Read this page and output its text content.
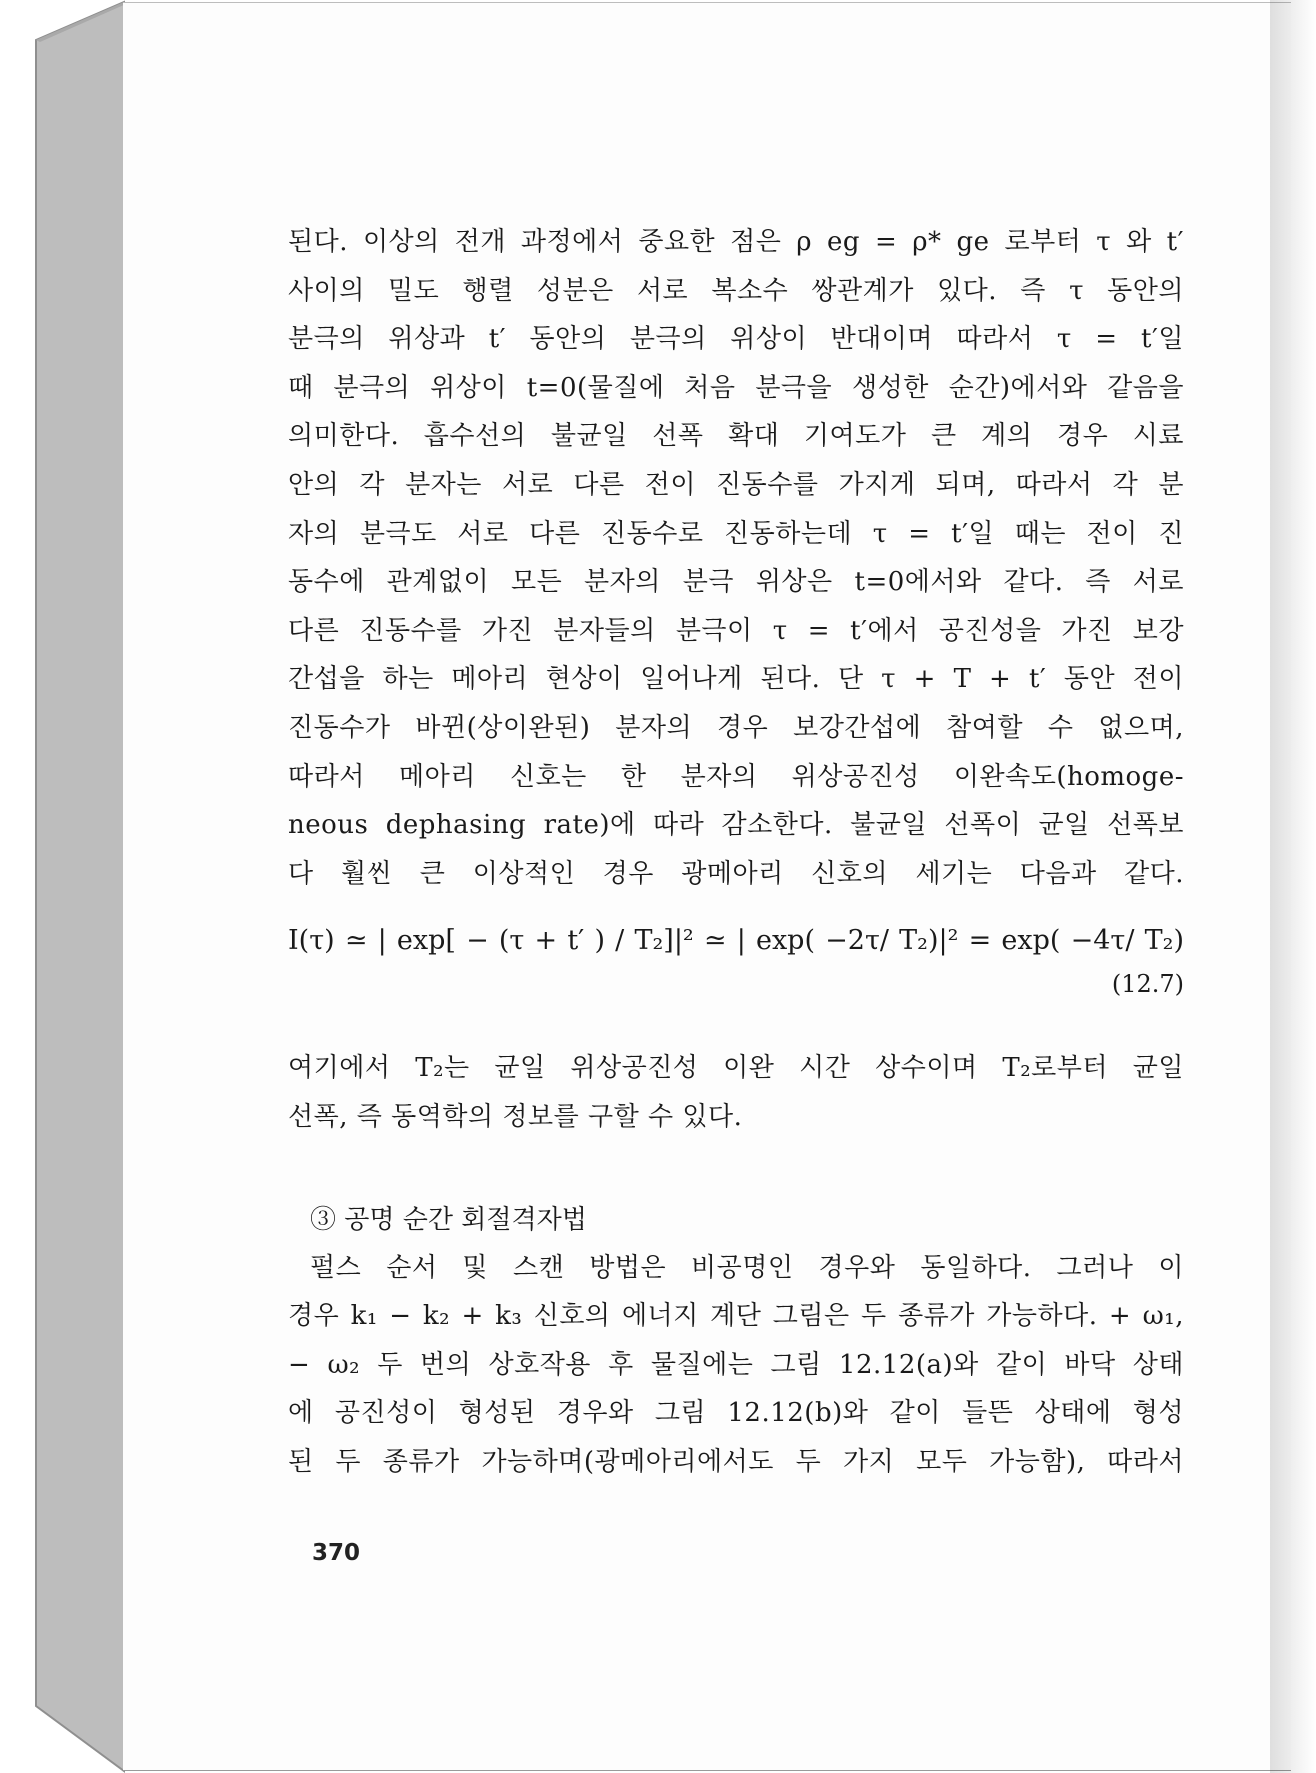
된다. 이상의 전개 과정에서 중요한 점은 ρ eg = ρ* ge 로부터 τ 와 t′
사이의 밀도 행렬 성분은 서로 복소수 쌍관계가 있다. 즉 τ 동안의
분극의 위상과 t′ 동안의 분극의 위상이 반대이며 따라서 τ = t′일
때 분극의 위상이 t=0(물질에 처음 분극을 생성한 순간)에서와 같음을
의미한다. 흡수선의 불균일 선폭 확대 기여도가 큰 계의 경우 시료
안의 각 분자는 서로 다른 전이 진동수를 가지게 되며, 따라서 각 분
자의 분극도 서로 다른 진동수로 진동하는데 τ = t′일 때는 전이 진
동수에 관계없이 모든 분자의 분극 위상은 t=0에서와 같다. 즉 서로
다른 진동수를 가진 분자들의 분극이 τ = t′에서 공진성을 가진 보강
간섭을 하는 메아리 현상이 일어나게 된다. 단 τ + T + t′ 동안 전이
진동수가 바뀐(상이완된) 분자의 경우 보강간섭에 참여할 수 없으며,
따라서 메아리 신호는 한 분자의 위상공진성 이완속도(homoge-
neous dephasing rate)에 따라 감소한다. 불균일 선폭이 균일 선폭보
다 훨씬 큰 이상적인 경우 광메아리 신호의 세기는 다음과 같다.
I(τ) ≃ | exp[ − (τ + t′ ) / T₂]|² ≃ | exp( −2τ/ T₂)|² = exp( −4τ/ T₂)
(12.7)
여기에서 T₂는 균일 위상공진성 이완 시간 상수이며 T₂로부터 균일
선폭, 즉 동역학의 정보를 구할 수 있다.
③ 공명 순간 회절격자법
펄스 순서 및 스캔 방법은 비공명인 경우와 동일하다. 그러나 이
경우 k₁ − k₂ + k₃ 신호의 에너지 계단 그림은 두 종류가 가능하다. + ω₁,
− ω₂ 두 번의 상호작용 후 물질에는 그림 12.12(a)와 같이 바닥 상태
에 공진성이 형성된 경우와 그림 12.12(b)와 같이 들뜬 상태에 형성
된 두 종류가 가능하며(광메아리에서도 두 가지 모두 가능함), 따라서
370
